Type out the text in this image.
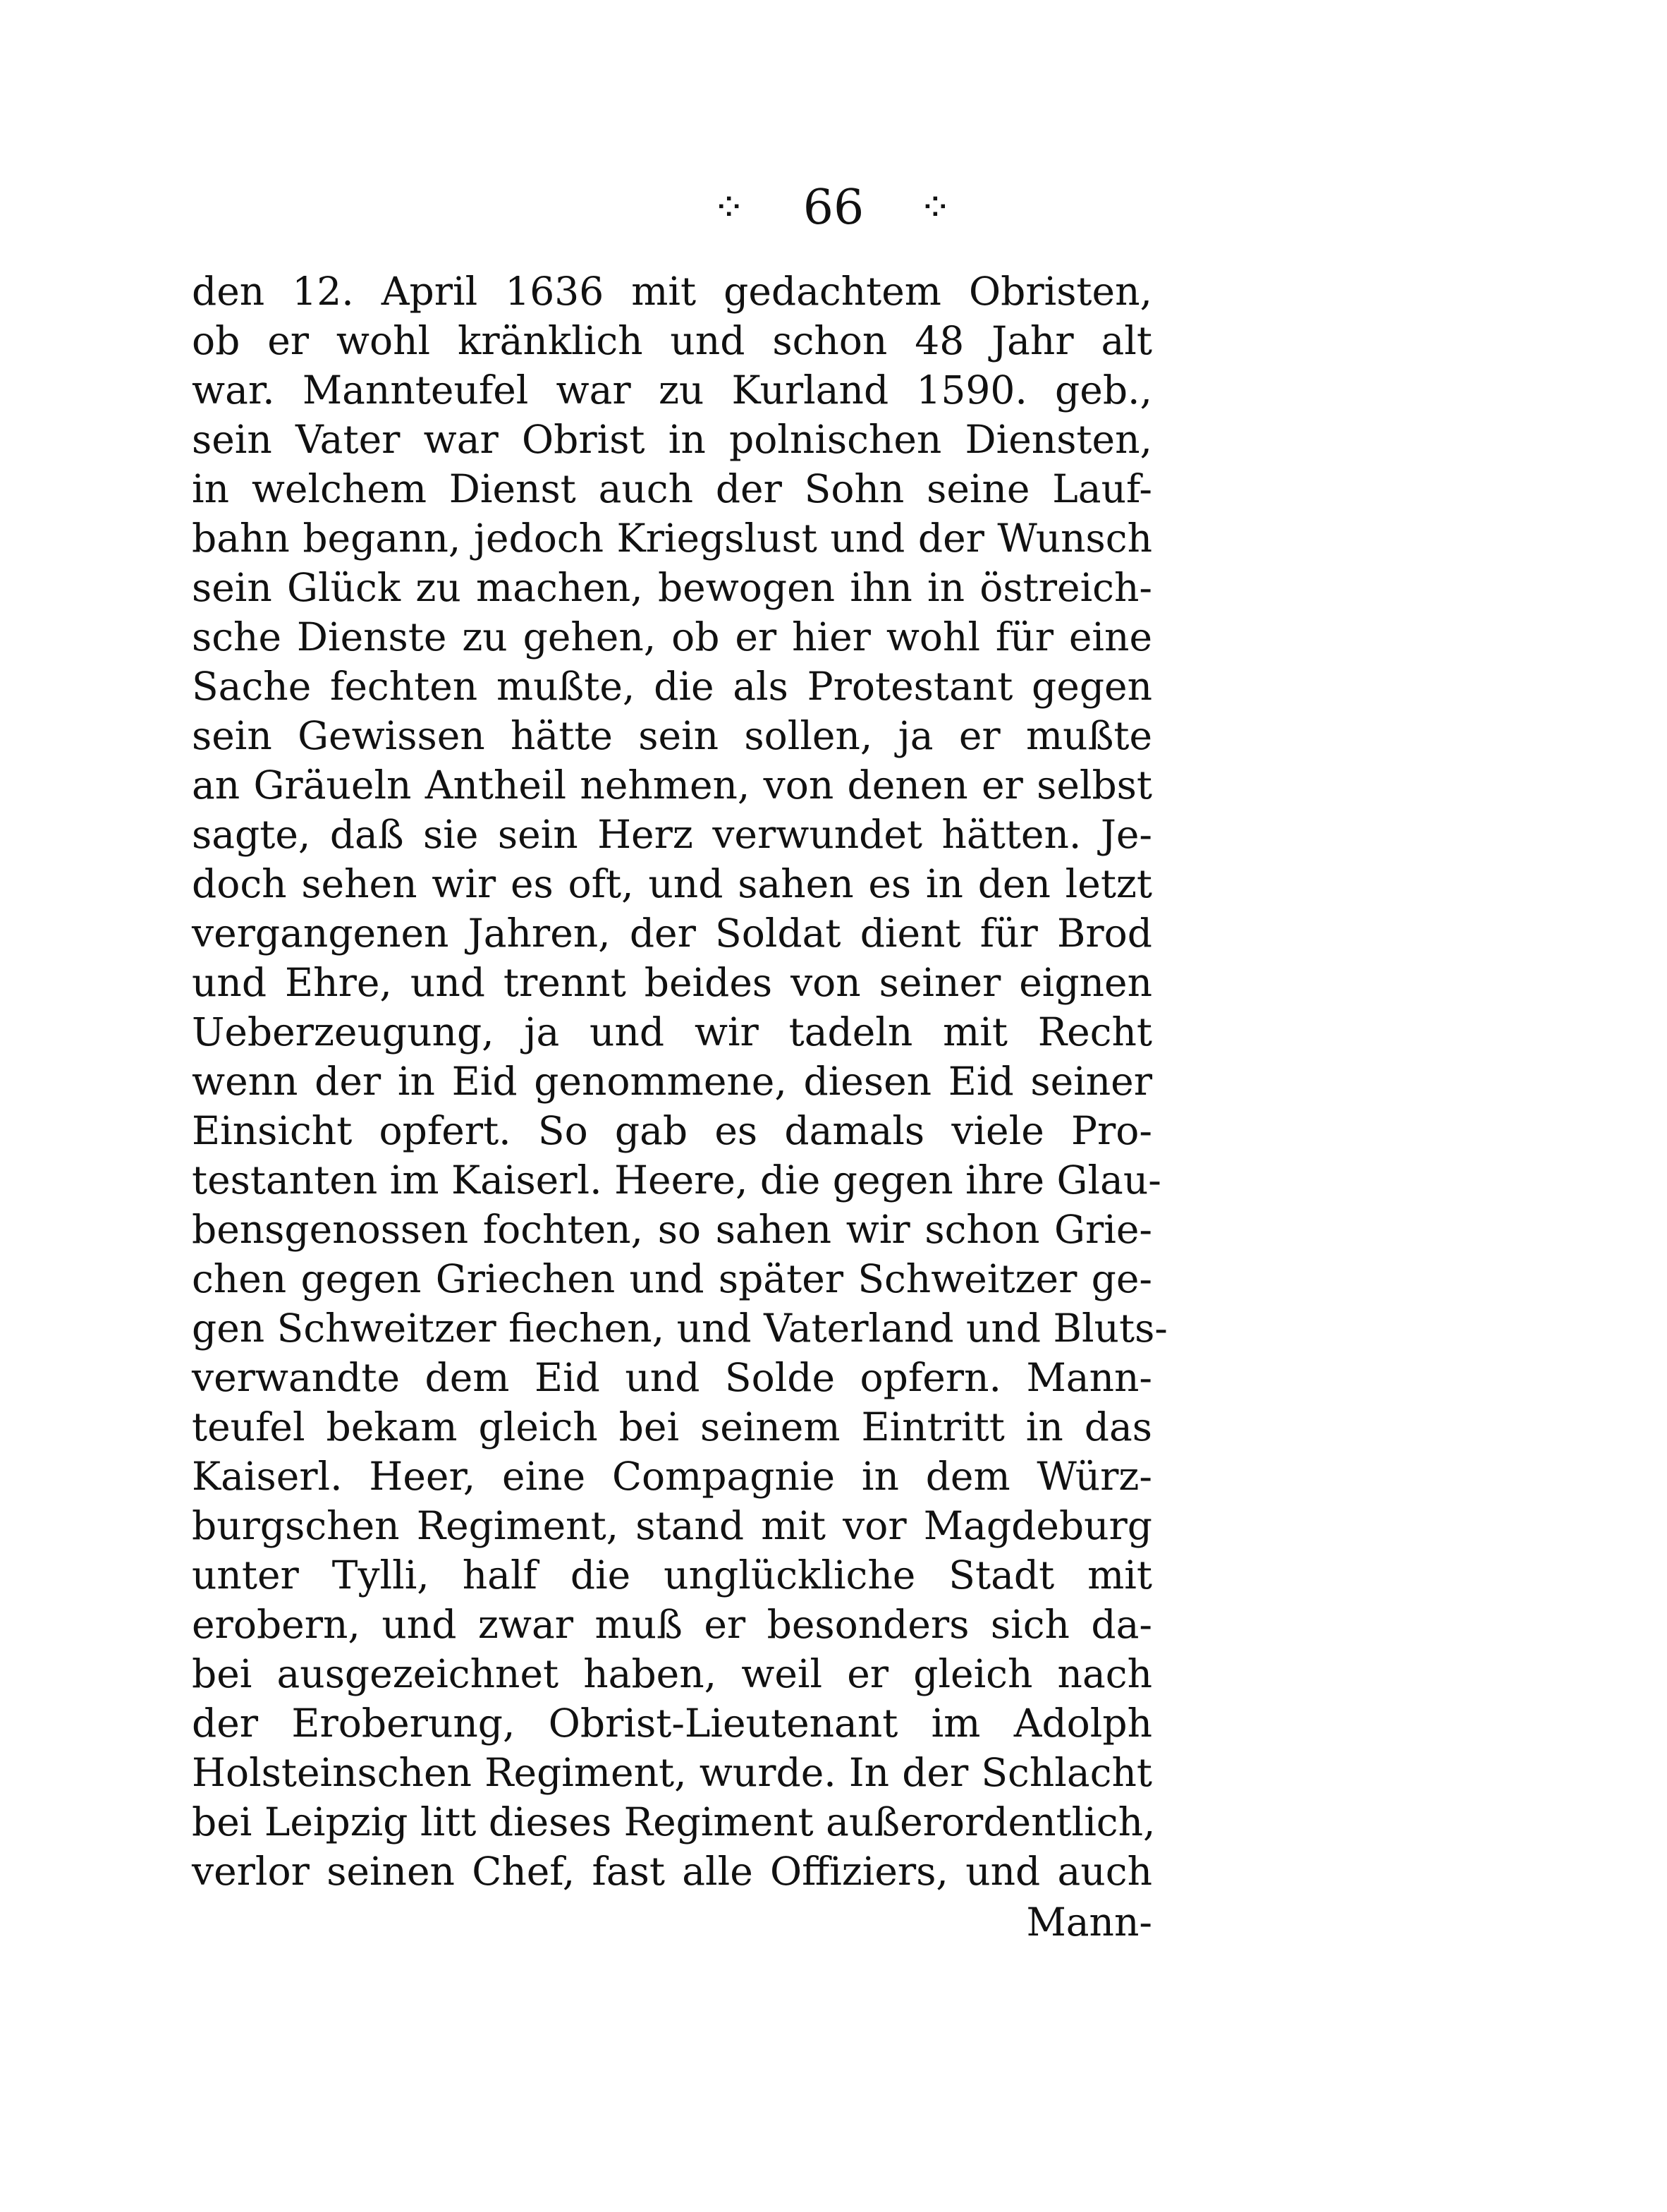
⁘ 66 ⁘
den 12. April 1636 mit gedachtem Obristen,
ob er wohl kränklich und schon 48 Jahr alt
war. Mannteufel war zu Kurland 1590. geb.,
sein Vater war Obrist in polnischen Diensten,
in welchem Dienst auch der Sohn seine Lauf-
bahn begann, jedoch Kriegslust und der Wunsch
sein Glück zu machen, bewogen ihn in östreich-
sche Dienste zu gehen, ob er hier wohl für eine
Sache fechten mußte, die als Protestant gegen
sein Gewissen hätte sein sollen, ja er mußte
an Gräueln Antheil nehmen, von denen er selbst
sagte, daß sie sein Herz verwundet hätten. Je-
doch sehen wir es oft, und sahen es in den letzt
vergangenen Jahren, der Soldat dient für Brod
und Ehre, und trennt beides von seiner eignen
Ueberzeugung, ja und wir tadeln mit Recht
wenn der in Eid genommene, diesen Eid seiner
Einsicht opfert. So gab es damals viele Pro-
testanten im Kaiserl. Heere, die gegen ihre Glau-
bensgenossen fochten, so sahen wir schon Grie-
chen gegen Griechen und später Schweitzer ge-
gen Schweitzer fiechen, und Vaterland und Bluts-
verwandte dem Eid und Solde opfern. Mann-
teufel bekam gleich bei seinem Eintritt in das
Kaiserl. Heer, eine Compagnie in dem Würz-
burgschen Regiment, stand mit vor Magdeburg
unter Tylli, half die unglückliche Stadt mit
erobern, und zwar muß er besonders sich da-
bei ausgezeichnet haben, weil er gleich nach
der Eroberung, Obrist-Lieutenant im Adolph
Holsteinschen Regiment, wurde. In der Schlacht
bei Leipzig litt dieses Regiment außerordentlich,
verlor seinen Chef, fast alle Offiziers, und auch
Mann-
